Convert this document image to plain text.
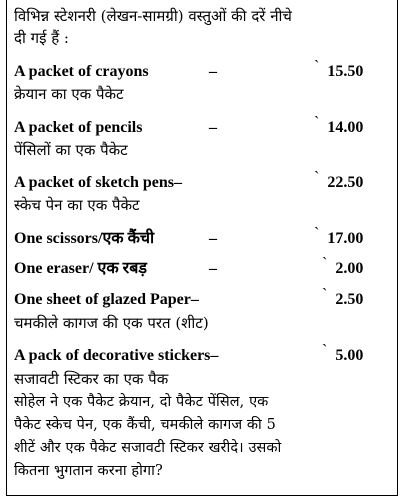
विभिन्न स्टेशनरी (लेखन-सामग्री) वस्तुओं की दरें नीचे
दी गई हैं :
A packet of crayons	–	` 15.50
क्रेयान का एक पैकेट
A packet of pencils	–	` 14.00
पेंसिलों का एक पैकेट
A packet of sketch pens–	` 22.50
स्केच पेन का एक पैकेट
One scissors/एक कैंची	–	` 17.00
One eraser/ एक रबड़	–	` 2.00
One sheet of glazed Paper–	` 2.50
चमकीले कागज की एक परत (शीट)
A pack of decorative stickers–	` 5.00
सजावटी स्टिकर का एक पैक
सोहेल ने एक पैकेट क्रेयान, दो पैकेट पेंसिल, एक
पैकेट स्केच पेन, एक कैंची, चमकीले कागज की 5
शीटें और एक पैकेट सजावटी स्टिकर खरीदे। उसको
कितना भुगतान करना होगा?
